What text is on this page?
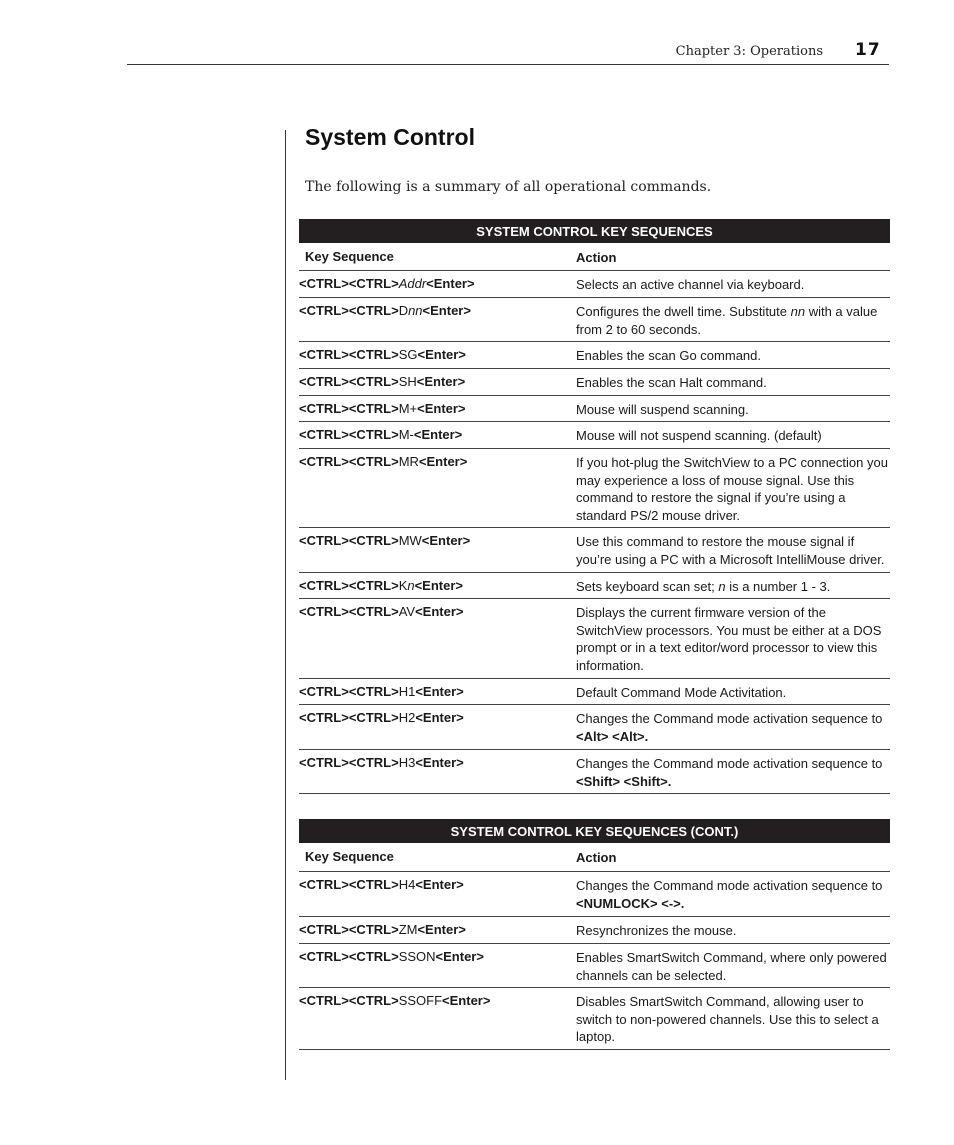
Chapter 3: Operations 17
System Control

The following is a summary of all operational commands.

SYSTEM CONTROL KEY SEQUENCES
Key Sequence	Action
<CTRL><CTRL>Addr<Enter>	Selects an active channel via keyboard.
<CTRL><CTRL>Dnn<Enter>	Configures the dwell time. Substitute nn with a value from 2 to 60 seconds.
<CTRL><CTRL>SG<Enter>	Enables the scan Go command.
<CTRL><CTRL>SH<Enter>	Enables the scan Halt command.
<CTRL><CTRL>M+<Enter>	Mouse will suspend scanning.
<CTRL><CTRL>M-<Enter>	Mouse will not suspend scanning. (default)
<CTRL><CTRL>MR<Enter>	If you hot-plug the SwitchView to a PC connection you may experience a loss of mouse signal. Use this command to restore the signal if you’re using a standard PS/2 mouse driver.
<CTRL><CTRL>MW<Enter>	Use this command to restore the mouse signal if you’re using a PC with a Microsoft IntelliMouse driver.
<CTRL><CTRL>Kn<Enter>	Sets keyboard scan set; n is a number 1 - 3.
<CTRL><CTRL>AV<Enter>	Displays the current firmware version of the SwitchView processors. You must be either at a DOS prompt or in a text editor/word processor to view this information.
<CTRL><CTRL>H1<Enter>	Default Command Mode Activitation.
<CTRL><CTRL>H2<Enter>	Changes the Command mode activation sequence to <Alt> <Alt>.
<CTRL><CTRL>H3<Enter>	Changes the Command mode activation sequence to <Shift> <Shift>.
SYSTEM CONTROL KEY SEQUENCES (CONT.)
Key Sequence	Action
<CTRL><CTRL>H4<Enter>	Changes the Command mode activation sequence to <NUMLOCK> <->.
<CTRL><CTRL>ZM<Enter>	Resynchronizes the mouse.
<CTRL><CTRL>SSON<Enter>	Enables SmartSwitch Command, where only powered channels can be selected.
<CTRL><CTRL>SSOFF<Enter>	Disables SmartSwitch Command, allowing user to switch to non-powered channels. Use this to select a laptop.
